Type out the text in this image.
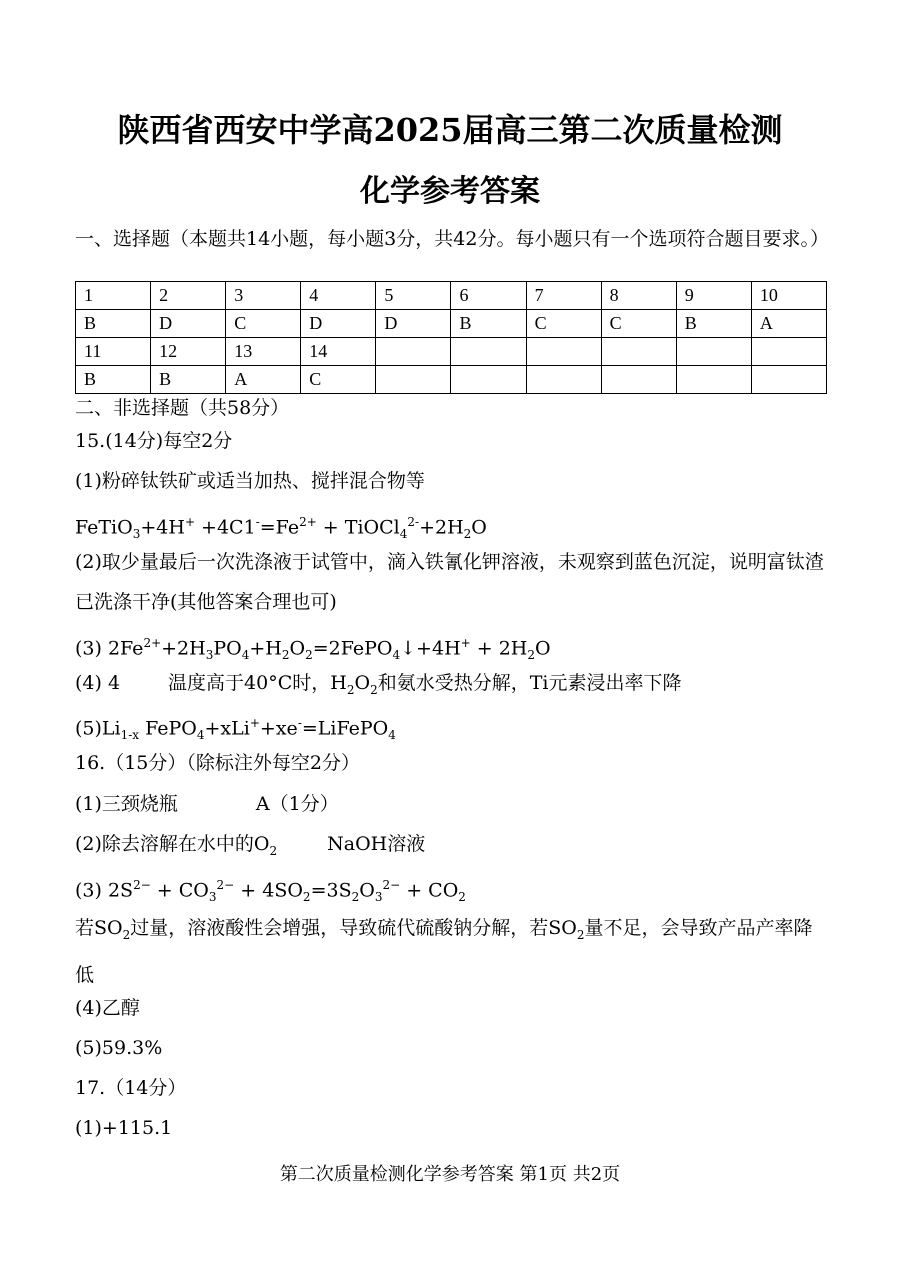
陕西省西安中学高2025届高三第二次质量检测
化学参考答案
一、选择题（本题共14小题，每小题3分，共42分。每小题只有一个选项符合题目要求。）
1	2	3	4	5	6	7	8	9	10
B	D	C	D	D	B	C	C	B	A
11	12	13	14						
B	B	A	C						
二、非选择题（共58分）
15.(14分)每空2分
(1)粉碎钛铁矿或适当加热、搅拌混合物等
FeTiO$_3$+4H+ $+4C1^-=Fe^{2+}$ + $TiOCl_4^{2-}+2H_2O$
(2)取少量最后一次洗涤液于试管中，滴入铁氰化钾溶液，未观察到蓝色沉淀，说明富钛渣已洗涤干净(其他答案合理也可)
(3) $2Fe^{2+}+2H_3PO_4+H_2O_2=2FePO_4↓+4H^+ + 2H_2O$
(4) 4	温度高于40°C时，$H_2O_2$和氨水受热分解，Ti元素浸出率下降
$(5)Li_{1-x}$ FePO$_4$+xLi++xe-=LiFePO$_4$
16.（15分）（除标注外每空2分）
(1)三颈烧瓶	A（1分）
(2)除去溶解在水中的$O_2$	NaOH溶液
(3) $2S^{2-} + CO_3^{2-} + 4SO_2=3S_2O_3^{2-} + CO_2$
若$SO_2$过量，溶液酸性会增强，导致硫代硫酸钠分解，若$SO_2$量不足，会导致产品产率降低
(4)乙醇
(5)59.3%
17.（14分）
(1)+115.1
第二次质量检测化学参考答案 第1页 共2页
